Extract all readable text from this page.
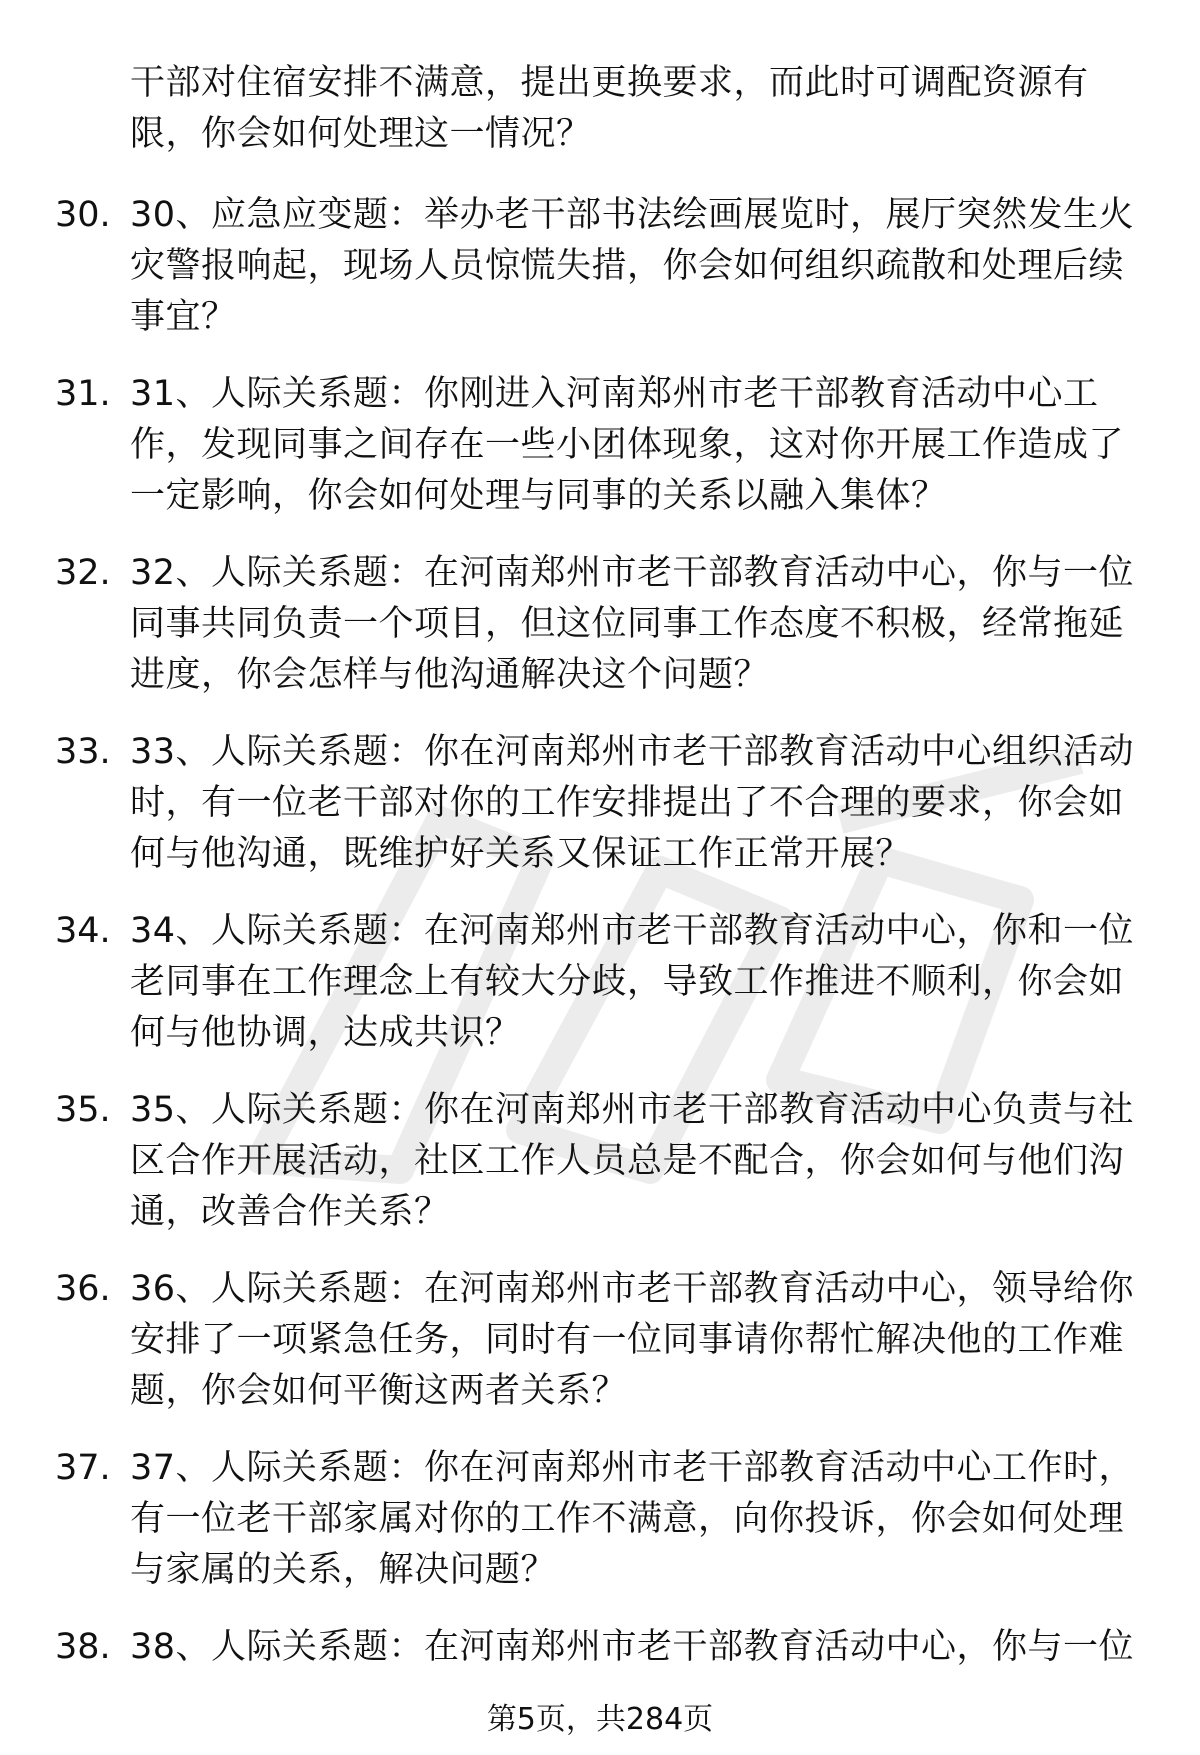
干部对住宿安排不满意，提出更换要求，而此时可调配资源有限，你会如何处理这一情况？

30. 30、应急应变题：举办老干部书法绘画展览时，展厅突然发生火灾警报响起，现场人员惊慌失措，你会如何组织疏散和处理后续事宜？
31. 31、人际关系题：你刚进入河南郑州市老干部教育活动中心工作，发现同事之间存在一些小团体现象，这对你开展工作造成了一定影响，你会如何处理与同事的关系以融入集体？
32. 32、人际关系题：在河南郑州市老干部教育活动中心，你与一位同事共同负责一个项目，但这位同事工作态度不积极，经常拖延进度，你会怎样与他沟通解决这个问题？
33. 33、人际关系题：你在河南郑州市老干部教育活动中心组织活动时，有一位老干部对你的工作安排提出了不合理的要求，你会如何与他沟通，既维护好关系又保证工作正常开展？
34. 34、人际关系题：在河南郑州市老干部教育活动中心，你和一位老同事在工作理念上有较大分歧，导致工作推进不顺利，你会如何与他协调，达成共识？
35. 35、人际关系题：你在河南郑州市老干部教育活动中心负责与社区合作开展活动，社区工作人员总是不配合，你会如何与他们沟通，改善合作关系？
36. 36、人际关系题：在河南郑州市老干部教育活动中心，领导给你安排了一项紧急任务，同时有一位同事请你帮忙解决他的工作难题，你会如何平衡这两者关系？
37. 37、人际关系题：你在河南郑州市老干部教育活动中心工作时，有一位老干部家属对你的工作不满意，向你投诉，你会如何处理与家属的关系，解决问题？
38. 38、人际关系题：在河南郑州市老干部教育活动中心，你与一位
第5页，共284页
